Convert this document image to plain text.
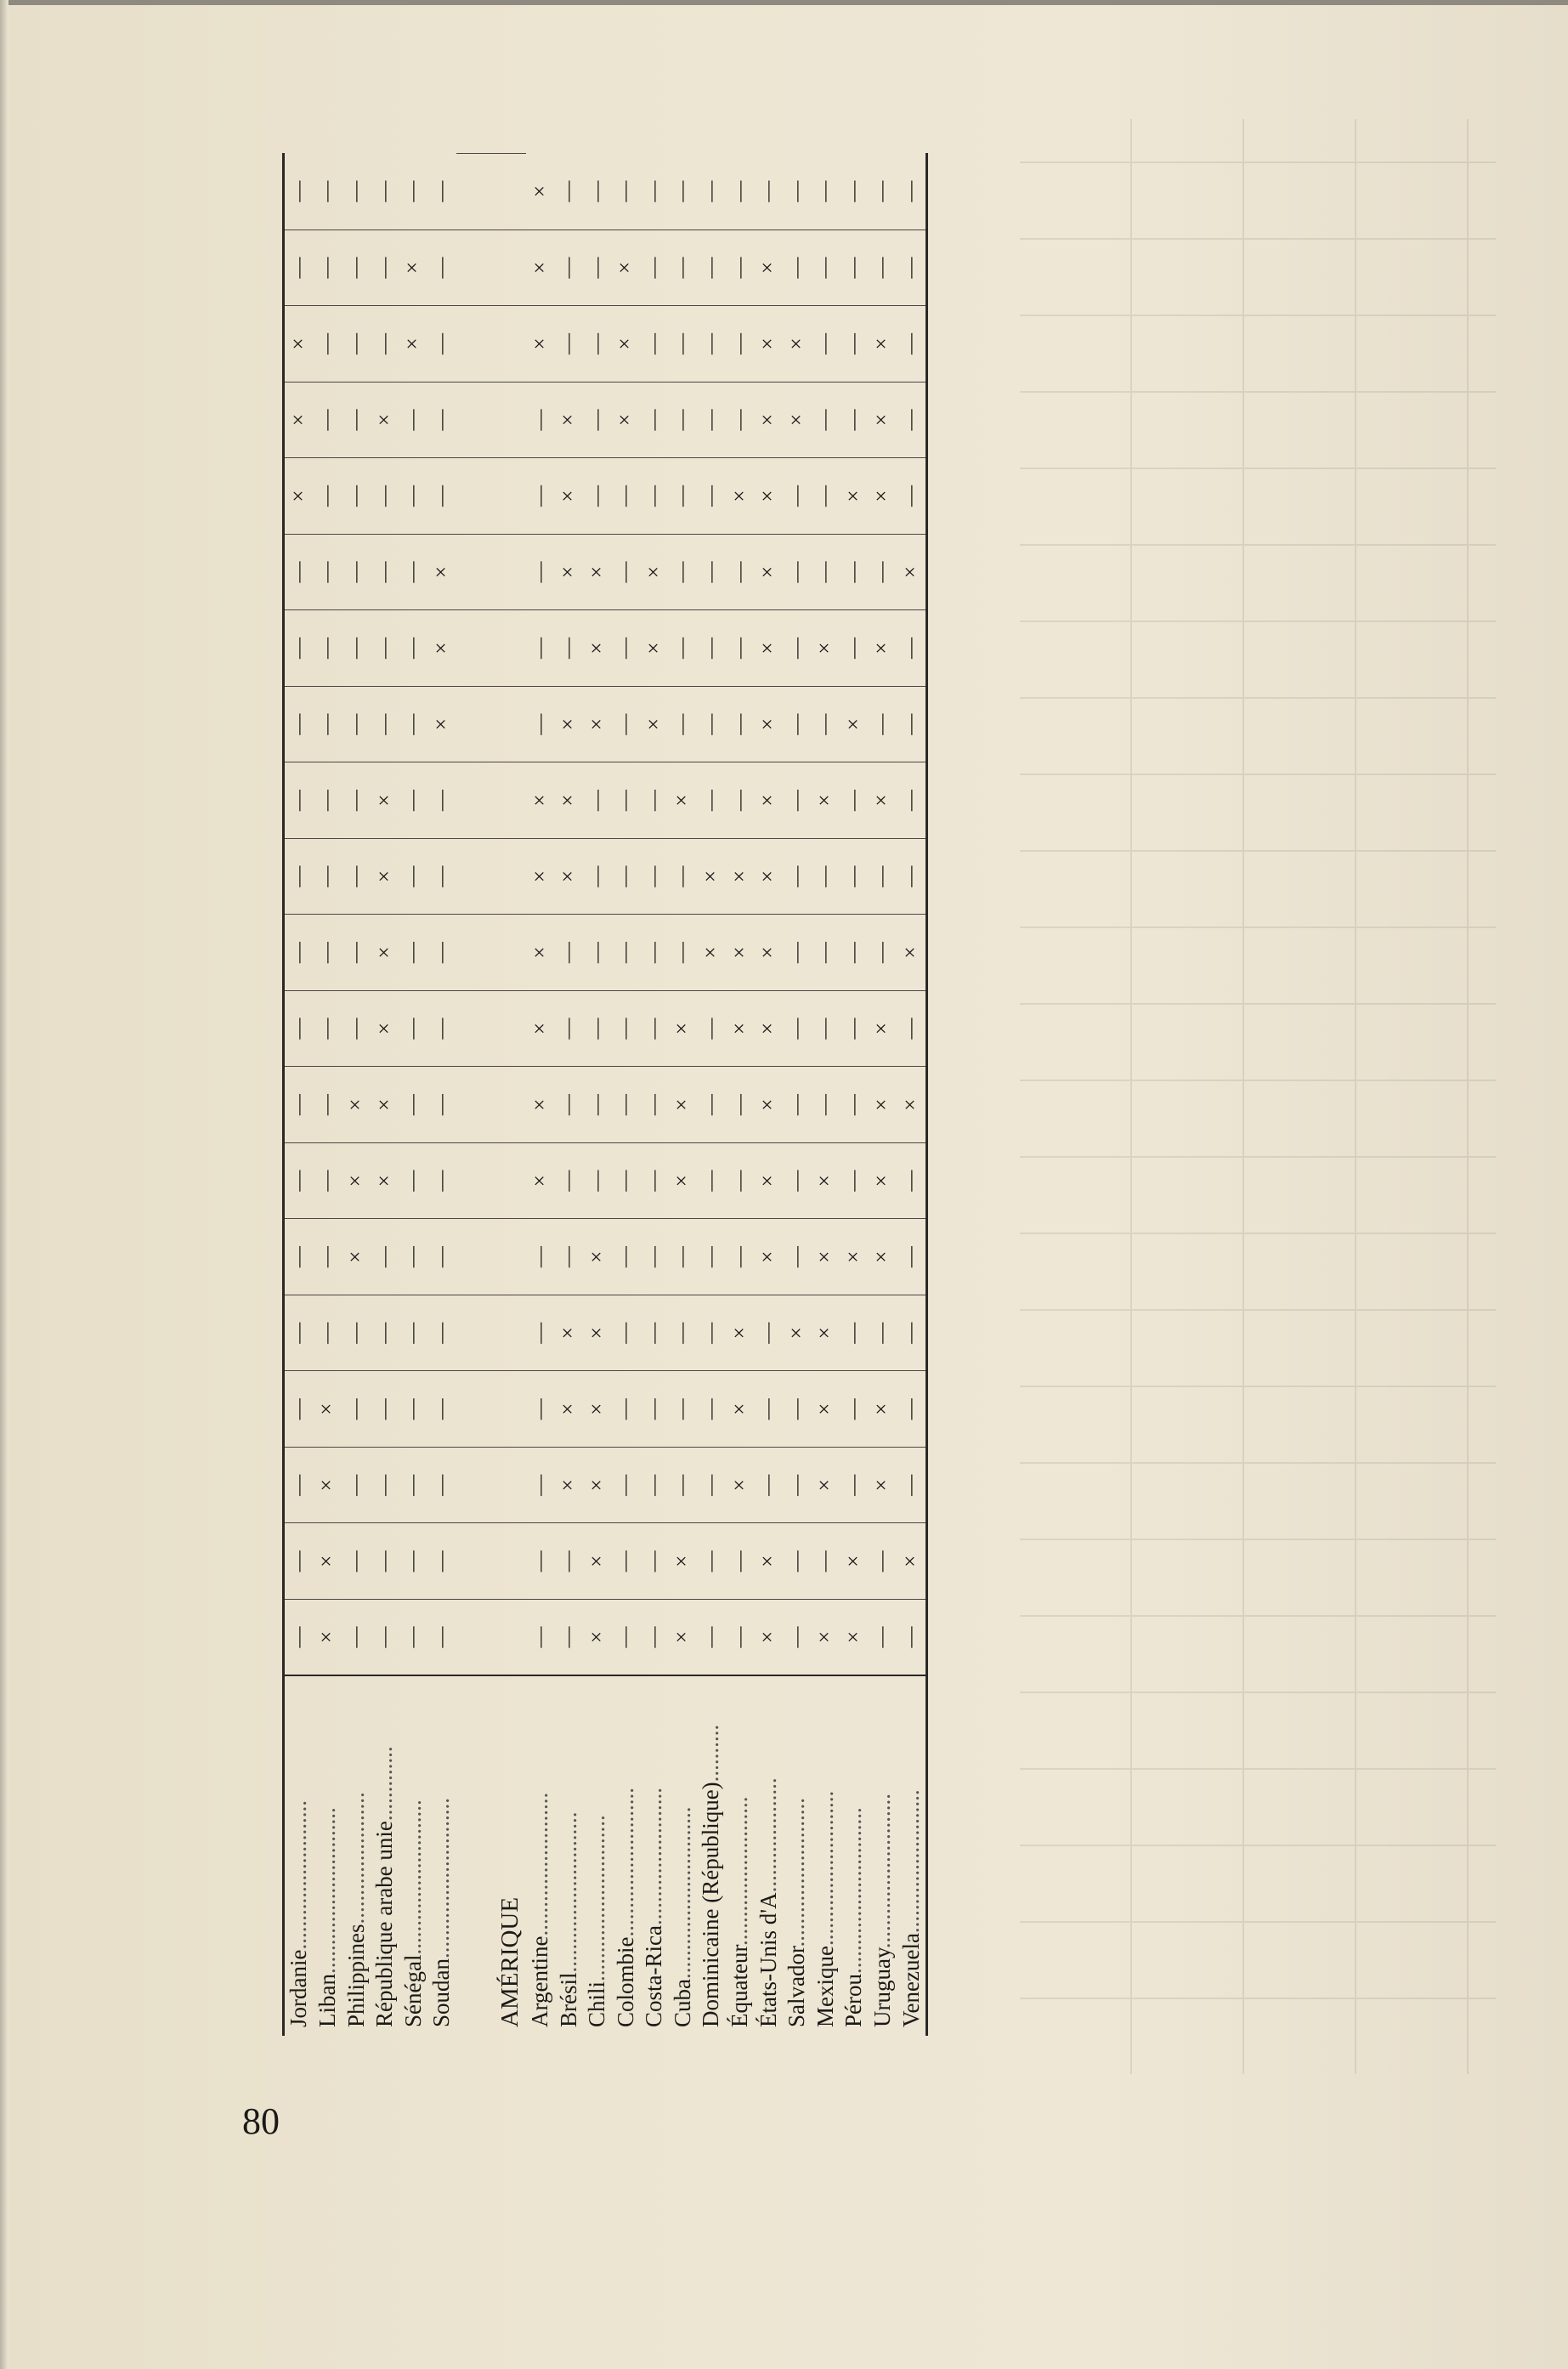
Jordanie..........................	—	—	—	—	—	—	—	—	—	—	—	—	—	—	—	×	×	×	—	—
Liban.............................	×	×	×	×	—	—	—	—	—	—	—	—	—	—	—	—	—	—	—	—
Philippines.......................	—	—	—	—	—	×	×	×	—	—	—	—	—	—	—	—	—	—	—	—
République arabe unie.............	—	—	—	—	—	—	×	×	×	×	×	×	—	—	—	—	×	—	—	—
Sénégal...........................	—	—	—	—	—	—	—	—	—	—	—	—	—	—	—	—	—	×	×	—
Soudan............................	—	—	—	—	—	—	—	—	—	—	—	—	×	×	×	—	—	—	—	—

AMÉRIQUE																				
Argentine.........................	—	—	—	—	—	—	×	×	×	×	×	×	—	—	—	—	—	×	×	×
Brésil............................	—	—	×	×	×	—	—	—	—	—	×	×	×	—	×	×	×	—	—	—
Chili.............................	×	×	×	×	×	×	—	—	—	—	—	—	×	×	×	—	—	—	—	—
Colombie..........................	—	—	—	—	—	—	—	—	—	—	—	—	—	—	—	—	×	×	×	—
Costa-Rica........................	—	—	—	—	—	—	—	—	—	—	—	—	×	×	×	—	—	—	—	—
Cuba..............................	×	×	—	—	—	—	×	×	×	—	—	×	—	—	—	—	—	—	—	—
Dominicaine (République)..........	—	—	—	—	—	—	—	—	—	×	×	—	—	—	—	—	—	—	—	—
Équateur..........................	—	—	×	×	×	—	—	—	×	×	×	—	—	—	—	×	—	—	—	—
États-Unis d'A....................	×	×	—	—	—	×	×	×	×	×	×	×	×	×	×	×	×	×	×	—
Salvador..........................	—	—	—	—	×	—	—	—	—	—	—	—	—	—	—	—	×	×	—	—
Mexique...........................	×	—	×	×	×	×	×	—	—	—	—	×	—	×	—	—	—	—	—	—
Pérou.............................	×	×	—	—	—	×	—	—	—	—	—	—	×	—	—	×	—	—	—	—
Uruguay...........................	—	—	×	×	—	×	×	×	×	—	—	×	—	×	—	×	×	×	—	—
Venezuela.........................	—	×	—	—	—	—	—	×	—	×	—	—	—	—	×	—	—	—	—	—
80
